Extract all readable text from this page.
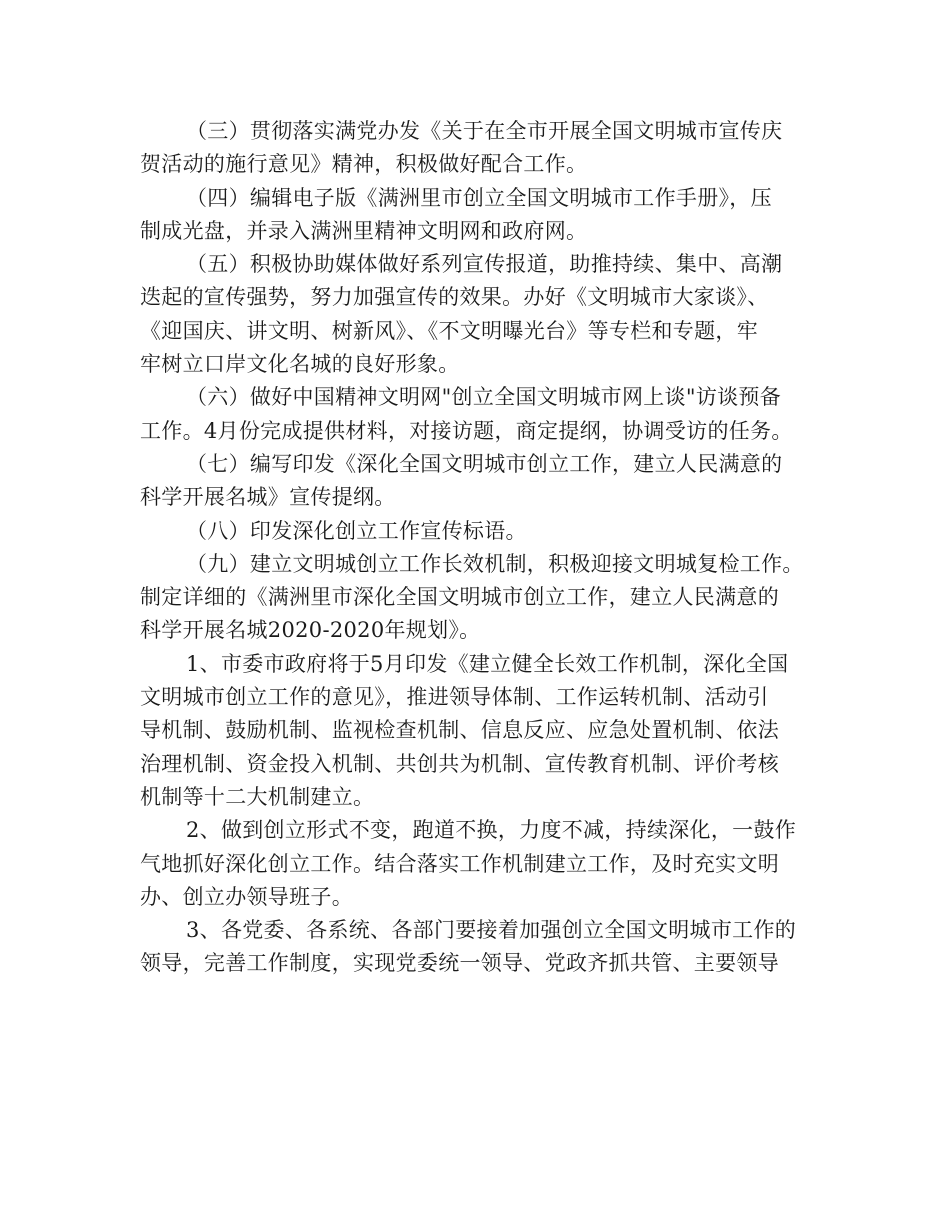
（三）贯彻落实满党办发《关于在全市开展全国文明城市宣传庆
贺活动的施行意见》精神，积极做好配合工作。
（四）编辑电子版《满洲里市创立全国文明城市工作手册》，压
制成光盘，并录入满洲里精神文明网和政府网。
（五）积极协助媒体做好系列宣传报道，助推持续、集中、高潮
迭起的宣传强势，努力加强宣传的效果。办好《文明城市大家谈》、
《迎国庆、讲文明、树新风》、《不文明曝光台》等专栏和专题，牢
牢树立口岸文化名城的良好形象。
（六）做好中国精神文明网"创立全国文明城市网上谈"访谈预备
工作。4月份完成提供材料，对接访题，商定提纲，协调受访的任务。
（七）编写印发《深化全国文明城市创立工作，建立人民满意的
科学开展名城》宣传提纲。
（八）印发深化创立工作宣传标语。
（九）建立文明城创立工作长效机制，积极迎接文明城复检工作。
制定详细的《满洲里市深化全国文明城市创立工作，建立人民满意的
科学开展名城2020-2020年规划》。
1、市委市政府将于5月印发《建立健全长效工作机制，深化全国
文明城市创立工作的意见》，推进领导体制、工作运转机制、活动引
导机制、鼓励机制、监视检查机制、信息反应、应急处置机制、依法
治理机制、资金投入机制、共创共为机制、宣传教育机制、评价考核
机制等十二大机制建立。
2、做到创立形式不变，跑道不换，力度不减，持续深化，一鼓作
气地抓好深化创立工作。结合落实工作机制建立工作，及时充实文明
办、创立办领导班子。
3、各党委、各系统、各部门要接着加强创立全国文明城市工作的
领导，完善工作制度，实现党委统一领导、党政齐抓共管、主要领导
